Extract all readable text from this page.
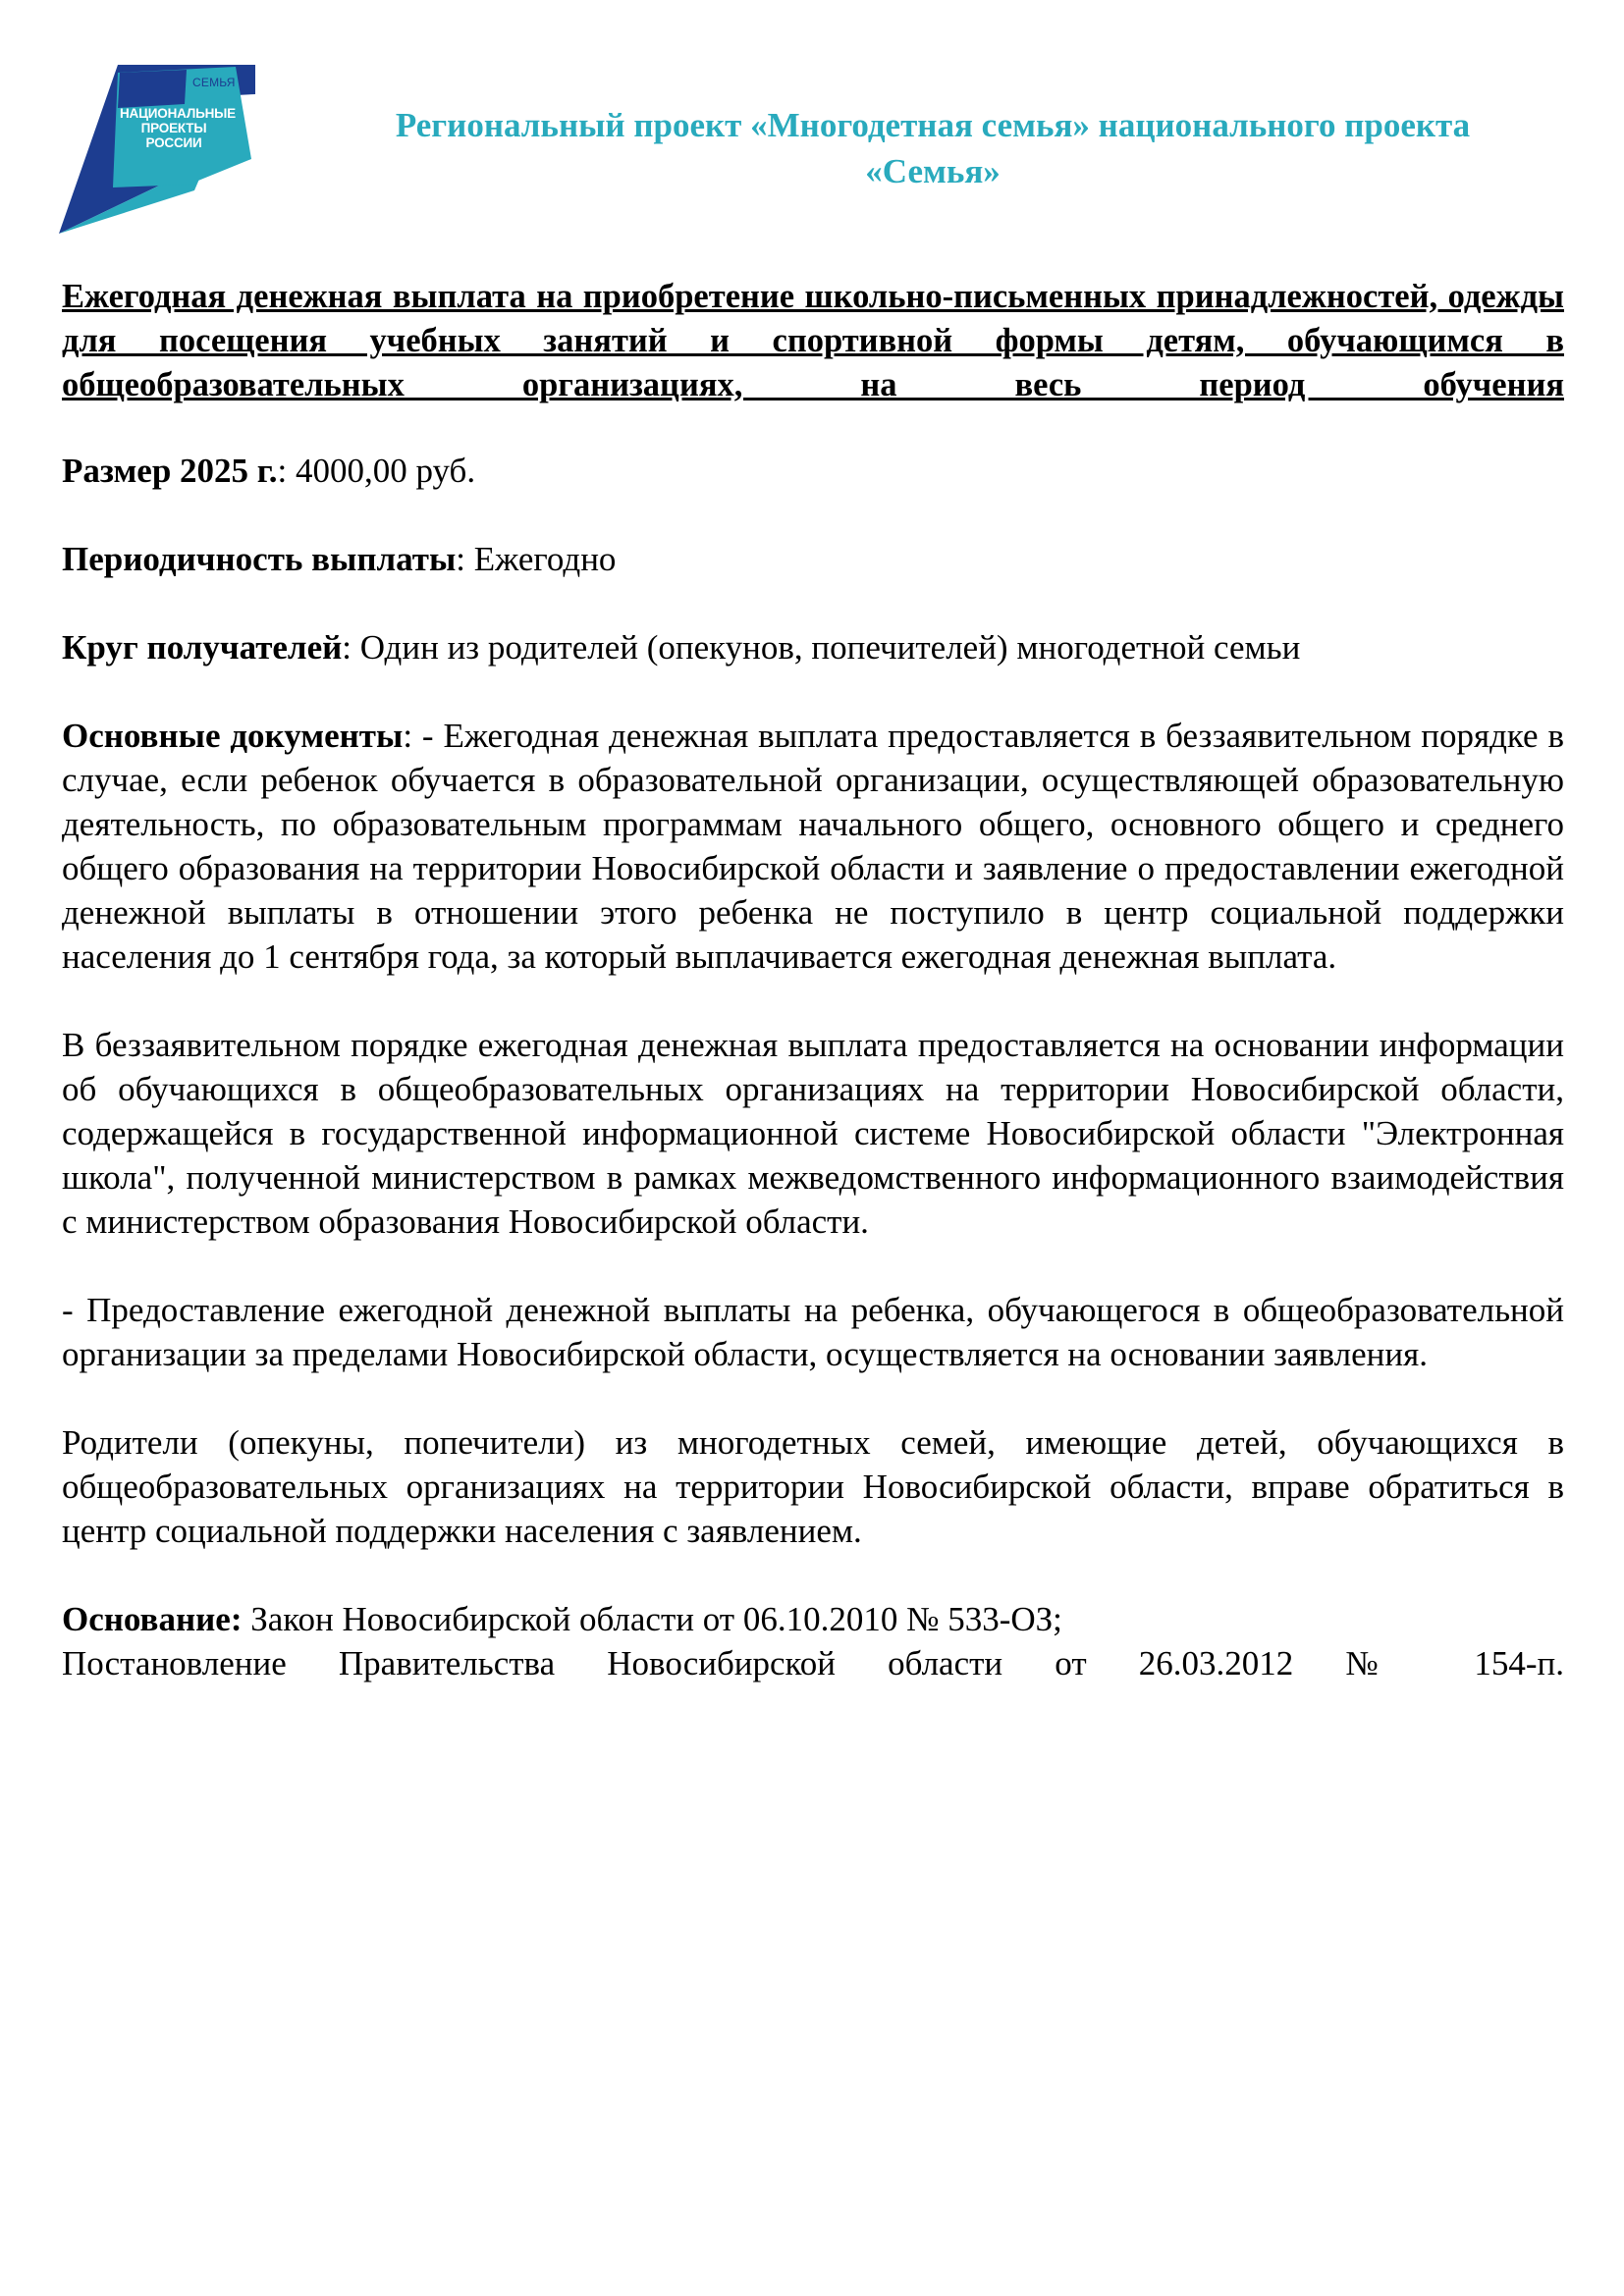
СЕМЬЯ
НАЦИОНАЛЬНЫЕ
ПРОЕКТЫ
РОССИИ	Региональный проект «Многодетная семья» национального проекта
«Семья»
Ежегодная денежная выплата на приобретение школьно-письменных принадлежностей, одежды для посещения учебных занятий и спортивной формы детям, обучающимся в общеобразовательных организациях, на весь период обучения
Размер 2025 г.: 4000,00 руб.
Периодичность выплаты: Ежегодно
Круг получателей: Один из родителей (опекунов, попечителей) многодетной семьи
Основные документы: - Ежегодная денежная выплата предоставляется в беззаявительном порядке в случае, если ребенок обучается в образовательной организации, осуществляющей образовательную деятельность, по образовательным программам начального общего, основного общего и среднего общего образования на территории Новосибирской области и заявление о предоставлении ежегодной денежной выплаты в отношении этого ребенка не поступило в центр социальной поддержки населения до 1 сентября года, за который выплачивается ежегодная денежная выплата.
В беззаявительном порядке ежегодная денежная выплата предоставляется на основании информации об обучающихся в общеобразовательных организациях на территории Новосибирской области, содержащейся в государственной информационной системе Новосибирской области "Электронная школа", полученной министерством в рамках межведомственного информационного взаимодействия с министерством образования Новосибирской области.
- Предоставление ежегодной денежной выплаты на ребенка, обучающегося в общеобразовательной организации за пределами Новосибирской области, осуществляется на основании заявления.
Родители (опекуны, попечители) из многодетных семей, имеющие детей, обучающихся в общеобразовательных организациях на территории Новосибирской области, вправе обратиться в центр социальной поддержки населения с заявлением.
Основание: Закон Новосибирской области от 06.10.2010 № 533-ОЗ;
Постановление Правительства Новосибирской области от 26.03.2012 № 154-п.
